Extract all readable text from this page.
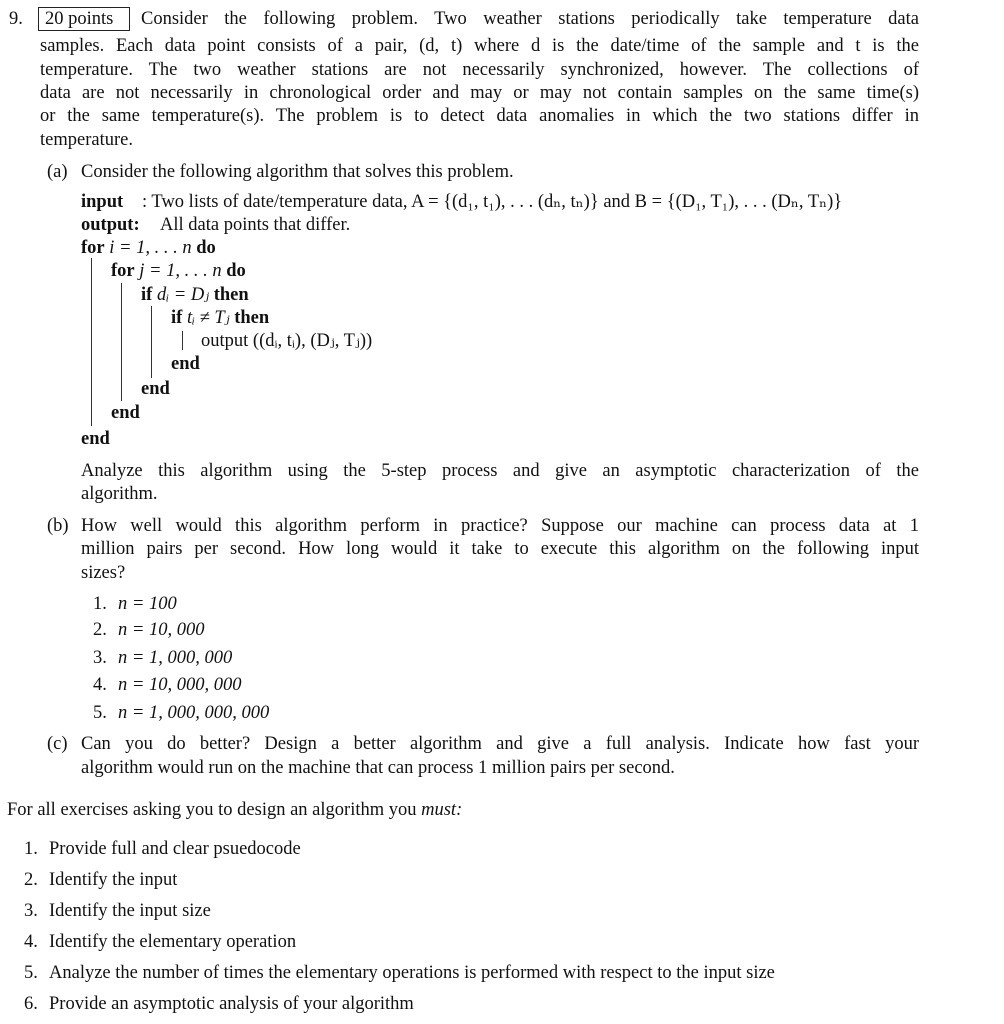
9. 20 points Consider the following problem. Two weather stations periodically take temperature data
samples. Each data point consists of a pair, (d, t) where d is the date/time of the sample and t is the
temperature. The two weather stations are not necessarily synchronized, however. The collections of
data are not necessarily in chronological order and may or may not contain samples on the same time(s)
or the same temperature(s). The problem is to detect data anomalies in which the two stations differ in
temperature.
(a) Consider the following algorithm that solves this problem.
input : Two lists of date/temperature data, A = {(d₁, t₁), . . . (dₙ, tₙ)} and B = {(D₁, T₁), . . . (Dₙ, Tₙ)}
output: All data points that differ.
for i = 1, . . . n do
for j = 1, . . . n do
if dᵢ = Dⱼ then
if tᵢ ≠ Tⱼ then
output ((dᵢ, tᵢ), (Dⱼ, Tⱼ))
end
end
end
end
Analyze this algorithm using the 5-step process and give an asymptotic characterization of the
algorithm.
(b) How well would this algorithm perform in practice? Suppose our machine can process data at 1
million pairs per second. How long would it take to execute this algorithm on the following input
sizes?
1. n = 100
2. n = 10, 000
3. n = 1, 000, 000
4. n = 10, 000, 000
5. n = 1, 000, 000, 000
(c) Can you do better? Design a better algorithm and give a full analysis. Indicate how fast your
algorithm would run on the machine that can process 1 million pairs per second.
For all exercises asking you to design an algorithm you must:
1. Provide full and clear psuedocode
2. Identify the input
3. Identify the input size
4. Identify the elementary operation
5. Analyze the number of times the elementary operations is performed with respect to the input size
6. Provide an asymptotic analysis of your algorithm
